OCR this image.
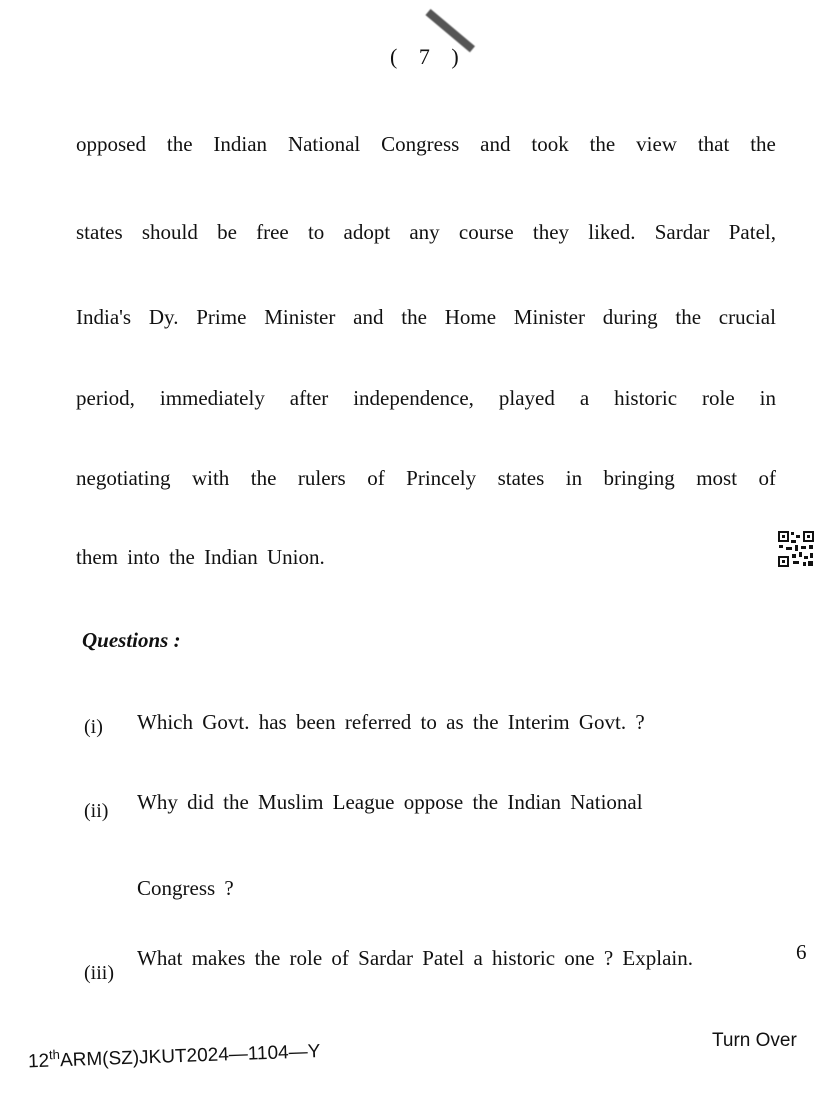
( 7 )
opposed the Indian National Congress and took the view that the
states should be free to adopt any course they liked. Sardar Patel,
India's Dy. Prime Minister and the Home Minister during the crucial
period, immediately after independence, played a historic role in
negotiating with the rulers of Princely states in bringing most of
them into the Indian Union.
Questions :
(i) Which Govt. has been referred to as the Interim Govt. ?
(ii) Why did the Muslim League oppose the Indian National
Congress ?
(iii)
What makes the role of Sardar Patel a historic one ? Explain.	6
Turn Over
12thARM(SZ)JKUT2024—1104—Y
